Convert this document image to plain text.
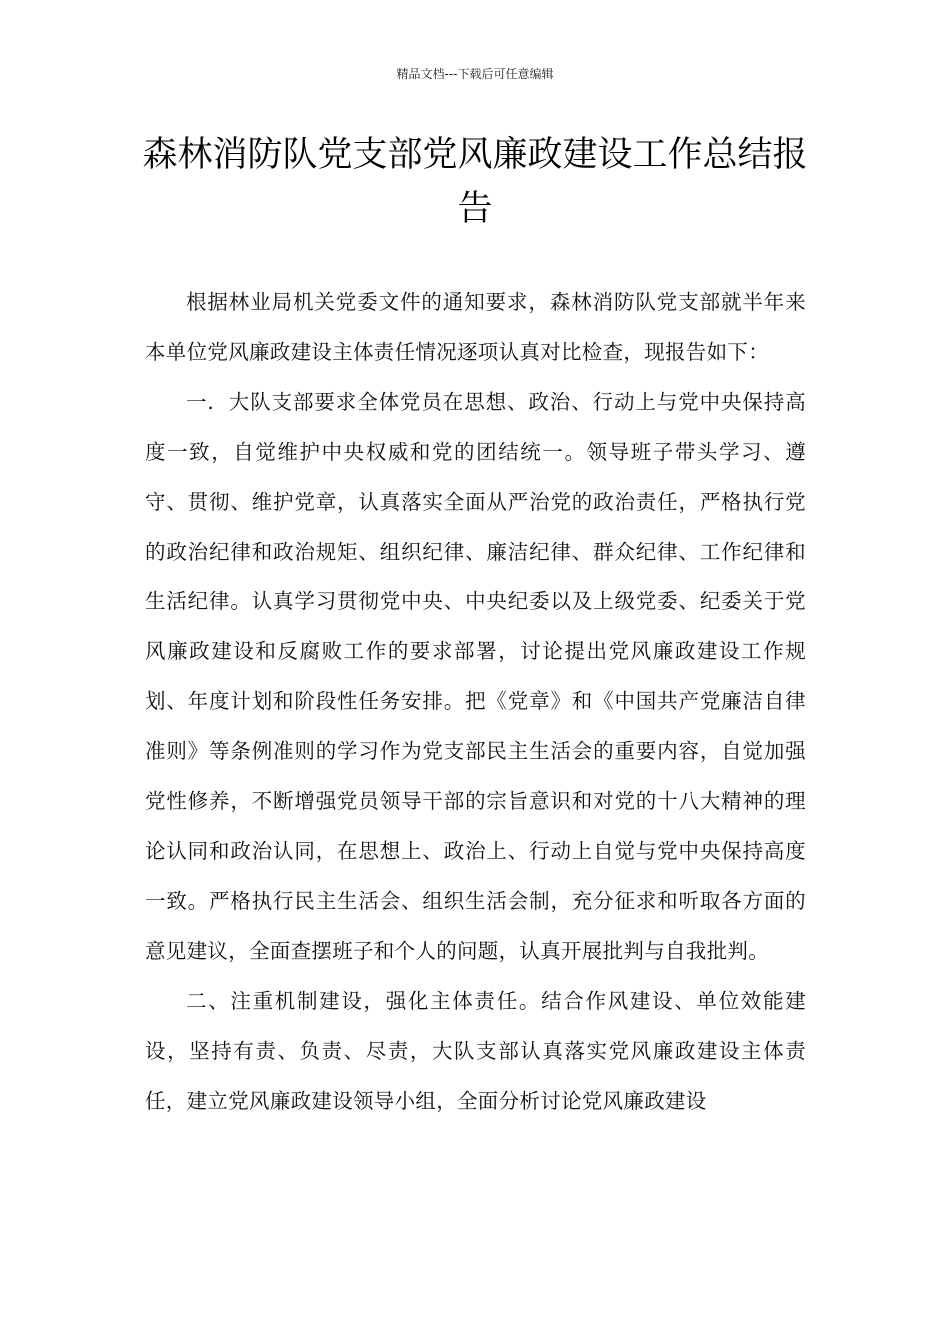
精品文档---下载后可任意编辑
森林消防队党支部党风廉政建设工作总结报告

根据林业局机关党委文件的通知要求，森林消防队党支部就半年来本单位党风廉政建设主体责任情况逐项认真对比检查，现报告如下：

一．大队支部要求全体党员在思想、政治、行动上与党中央保持高度一致，自觉维护中央权威和党的团结统一。领导班子带头学习、遵守、贯彻、维护党章，认真落实全面从严治党的政治责任，严格执行党的政治纪律和政治规矩、组织纪律、廉洁纪律、群众纪律、工作纪律和生活纪律。认真学习贯彻党中央、中央纪委以及上级党委、纪委关于党风廉政建设和反腐败工作的要求部署，讨论提出党风廉政建设工作规划、年度计划和阶段性任务安排。把《党章》和《中国共产党廉洁自律准则》等条例准则的学习作为党支部民主生活会的重要内容，自觉加强党性修养，不断增强党员领导干部的宗旨意识和对党的十八大精神的理论认同和政治认同，在思想上、政治上、行动上自觉与党中央保持高度一致。严格执行民主生活会、组织生活会制，充分征求和听取各方面的意见建议，全面查摆班子和个人的问题，认真开展批判与自我批判。

二、注重机制建设，强化主体责任。结合作风建设、单位效能建设，坚持有责、负责、尽责，大队支部认真落实党风廉政建设主体责任，建立党风廉政建设领导小组，全面分析讨论党风廉政建设
